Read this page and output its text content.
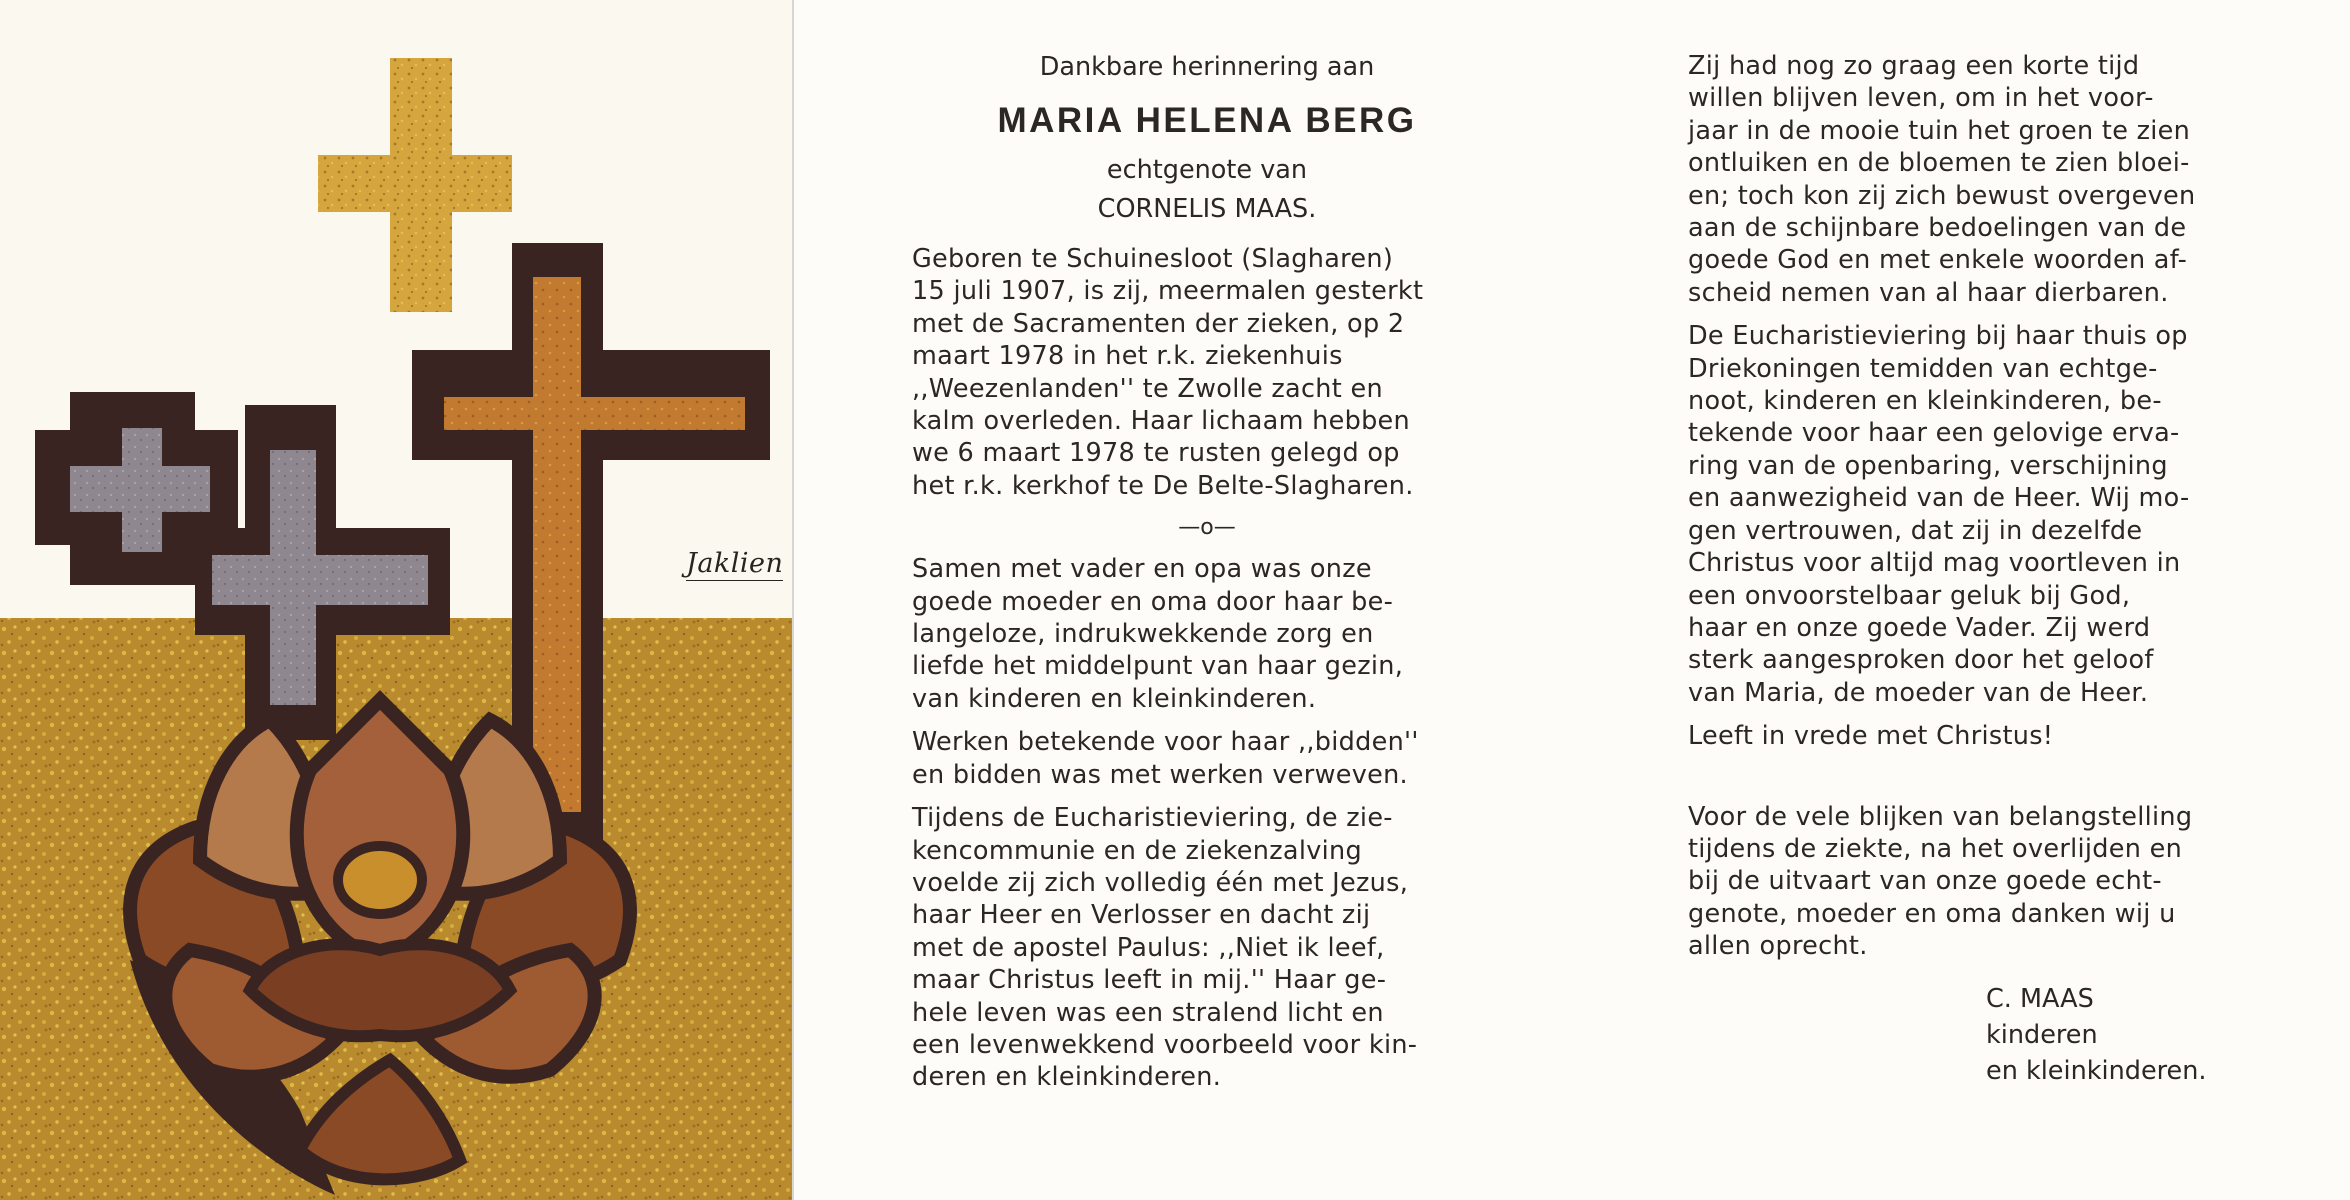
Jaklien
Dankbare herinnering aan
MARIA HELENA BERG
echtgenote van
CORNELIS MAAS.
Geboren te Schuinesloot (Slagharen)
15 juli 1907, is zij, meermalen gesterkt
met de Sacramenten der zieken, op 2
maart 1978 in het r.k. ziekenhuis
,,Weezenlanden'' te Zwolle zacht en
kalm overleden. Haar lichaam hebben
we 6 maart 1978 te rusten gelegd op
het r.k. kerkhof te De Belte-Slagharen.
—o—
Samen met vader en opa was onze
goede moeder en oma door haar be-
langeloze, indrukwekkende zorg en
liefde het middelpunt van haar gezin,
van kinderen en kleinkinderen.
Werken betekende voor haar ,,bidden''
en bidden was met werken verweven.
Tijdens de Eucharistieviering, de zie-
kencommunie en de ziekenzalving
voelde zij zich volledig één met Jezus,
haar Heer en Verlosser en dacht zij
met de apostel Paulus: ,,Niet ik leef,
maar Christus leeft in mij.'' Haar ge-
hele leven was een stralend licht en
een levenwekkend voorbeeld voor kin-
deren en kleinkinderen.
Zij had nog zo graag een korte tijd
willen blijven leven, om in het voor-
jaar in de mooie tuin het groen te zien
ontluiken en de bloemen te zien bloei-
en; toch kon zij zich bewust overgeven
aan de schijnbare bedoelingen van de
goede God en met enkele woorden af-
scheid nemen van al haar dierbaren.
De Eucharistieviering bij haar thuis op
Driekoningen temidden van echtge-
noot, kinderen en kleinkinderen, be-
tekende voor haar een gelovige erva-
ring van de openbaring, verschijning
en aanwezigheid van de Heer. Wij mo-
gen vertrouwen, dat zij in dezelfde
Christus voor altijd mag voortleven in
een onvoorstelbaar geluk bij God,
haar en onze goede Vader. Zij werd
sterk aangesproken door het geloof
van Maria, de moeder van de Heer.
Leeft in vrede met Christus!
Voor de vele blijken van belangstelling
tijdens de ziekte, na het overlijden en
bij de uitvaart van onze goede echt-
genote, moeder en oma danken wij u
allen oprecht.
C. MAAS
kinderen
en kleinkinderen.
